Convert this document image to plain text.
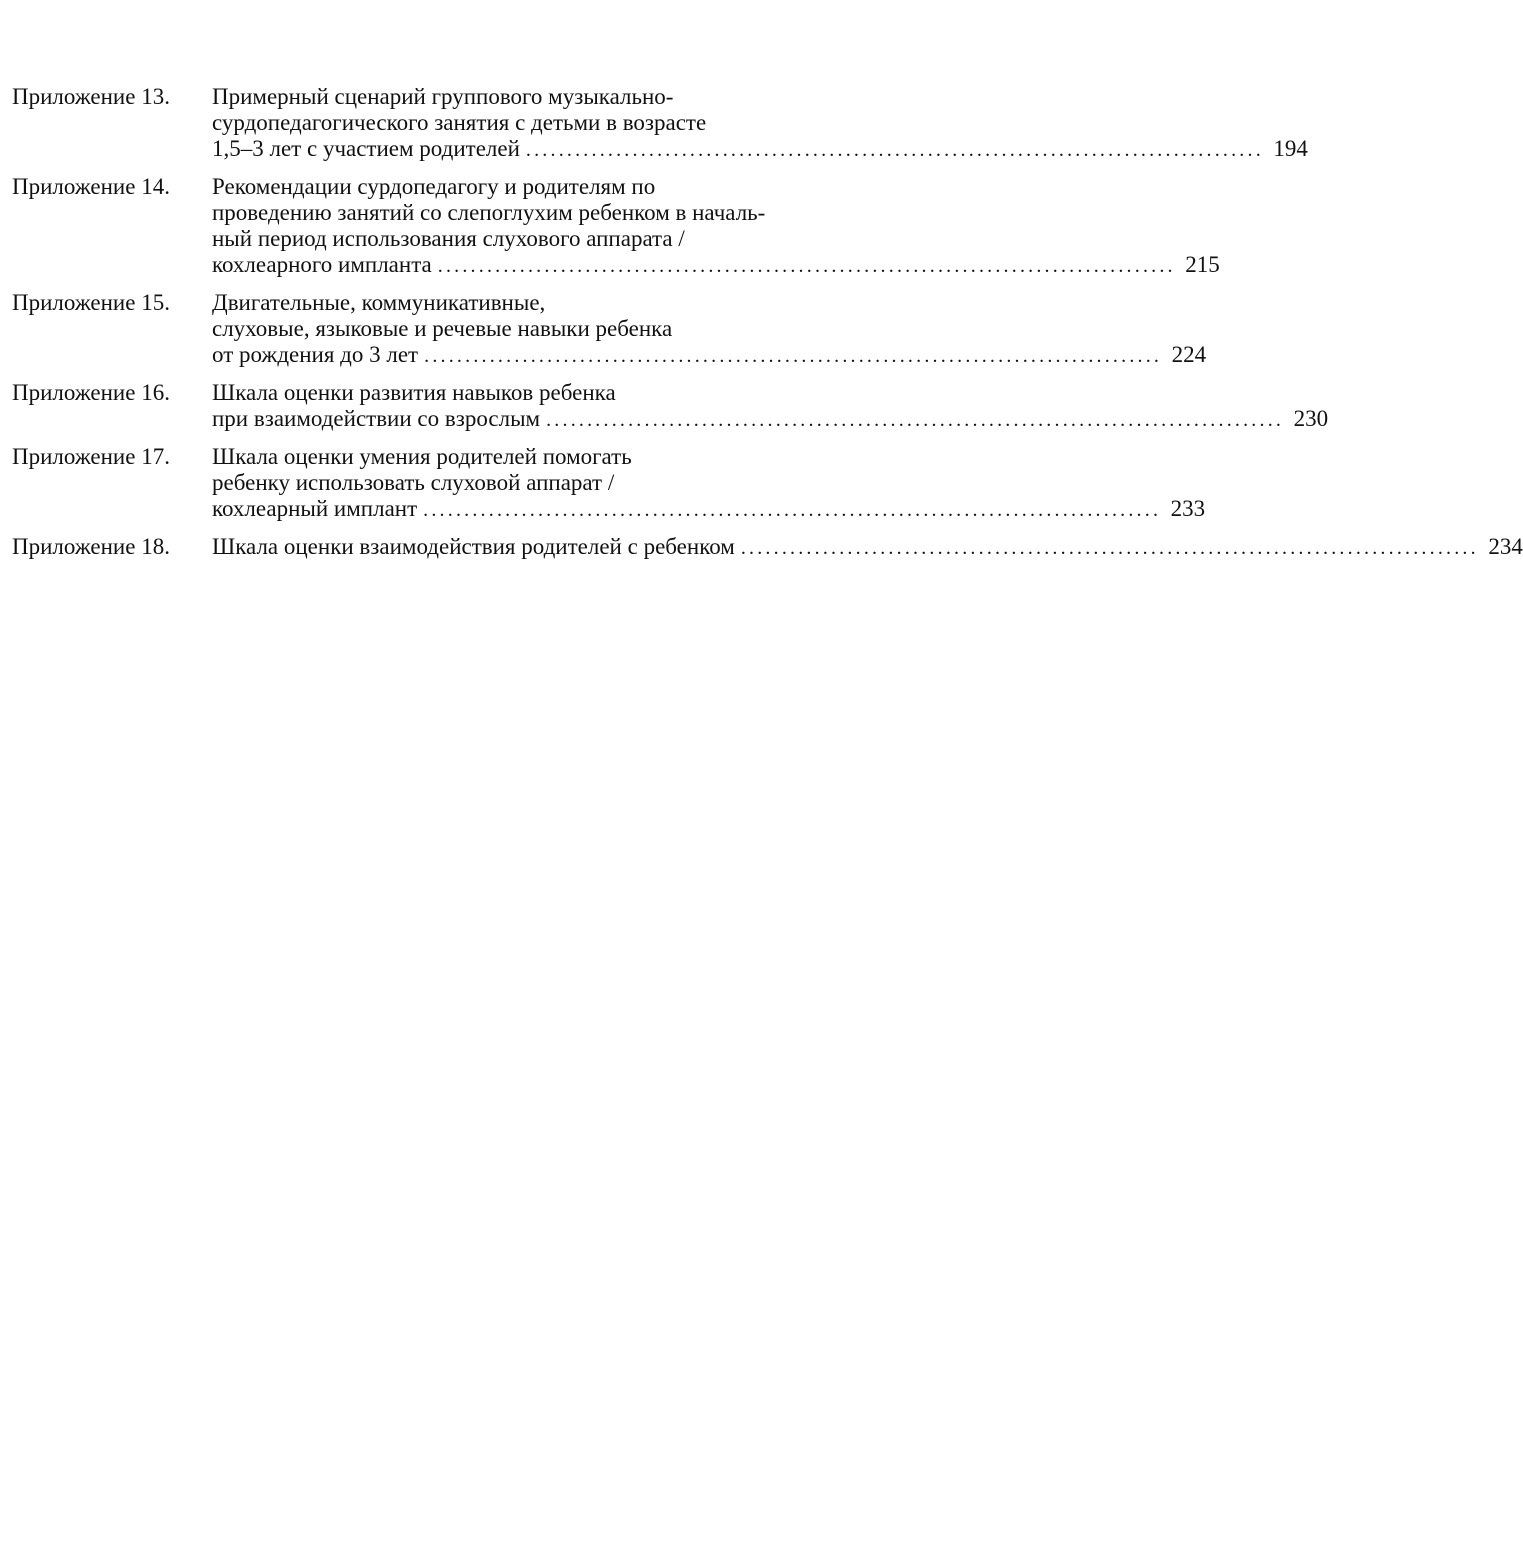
Приложение 13.	Примерный сценарий группового музыкально-
сурдопедагогического занятия с детьми в возрасте
1,5–3 лет с участием родителей .......................................................................................... 194
Приложение 14.	Рекомендации сурдопедагогу и родителям по
проведению занятий со слепоглухим ребенком в началь-
ный период использования слухового аппарата /
кохлеарного импланта .......................................................................................... 215
Приложение 15.	Двигательные, коммуникативные,
слуховые, языковые и речевые навыки ребенка
от рождения до 3 лет .......................................................................................... 224
Приложение 16.	Шкала оценки развития навыков ребенка
при взаимодействии со взрослым .......................................................................................... 230
Приложение 17.	Шкала оценки умения родителей помогать
ребенку использовать слуховой аппарат /
кохлеарный имплант .......................................................................................... 233
Приложение 18.	Шкала оценки взаимодействия родителей с ребенком .......................................................................................... 234
